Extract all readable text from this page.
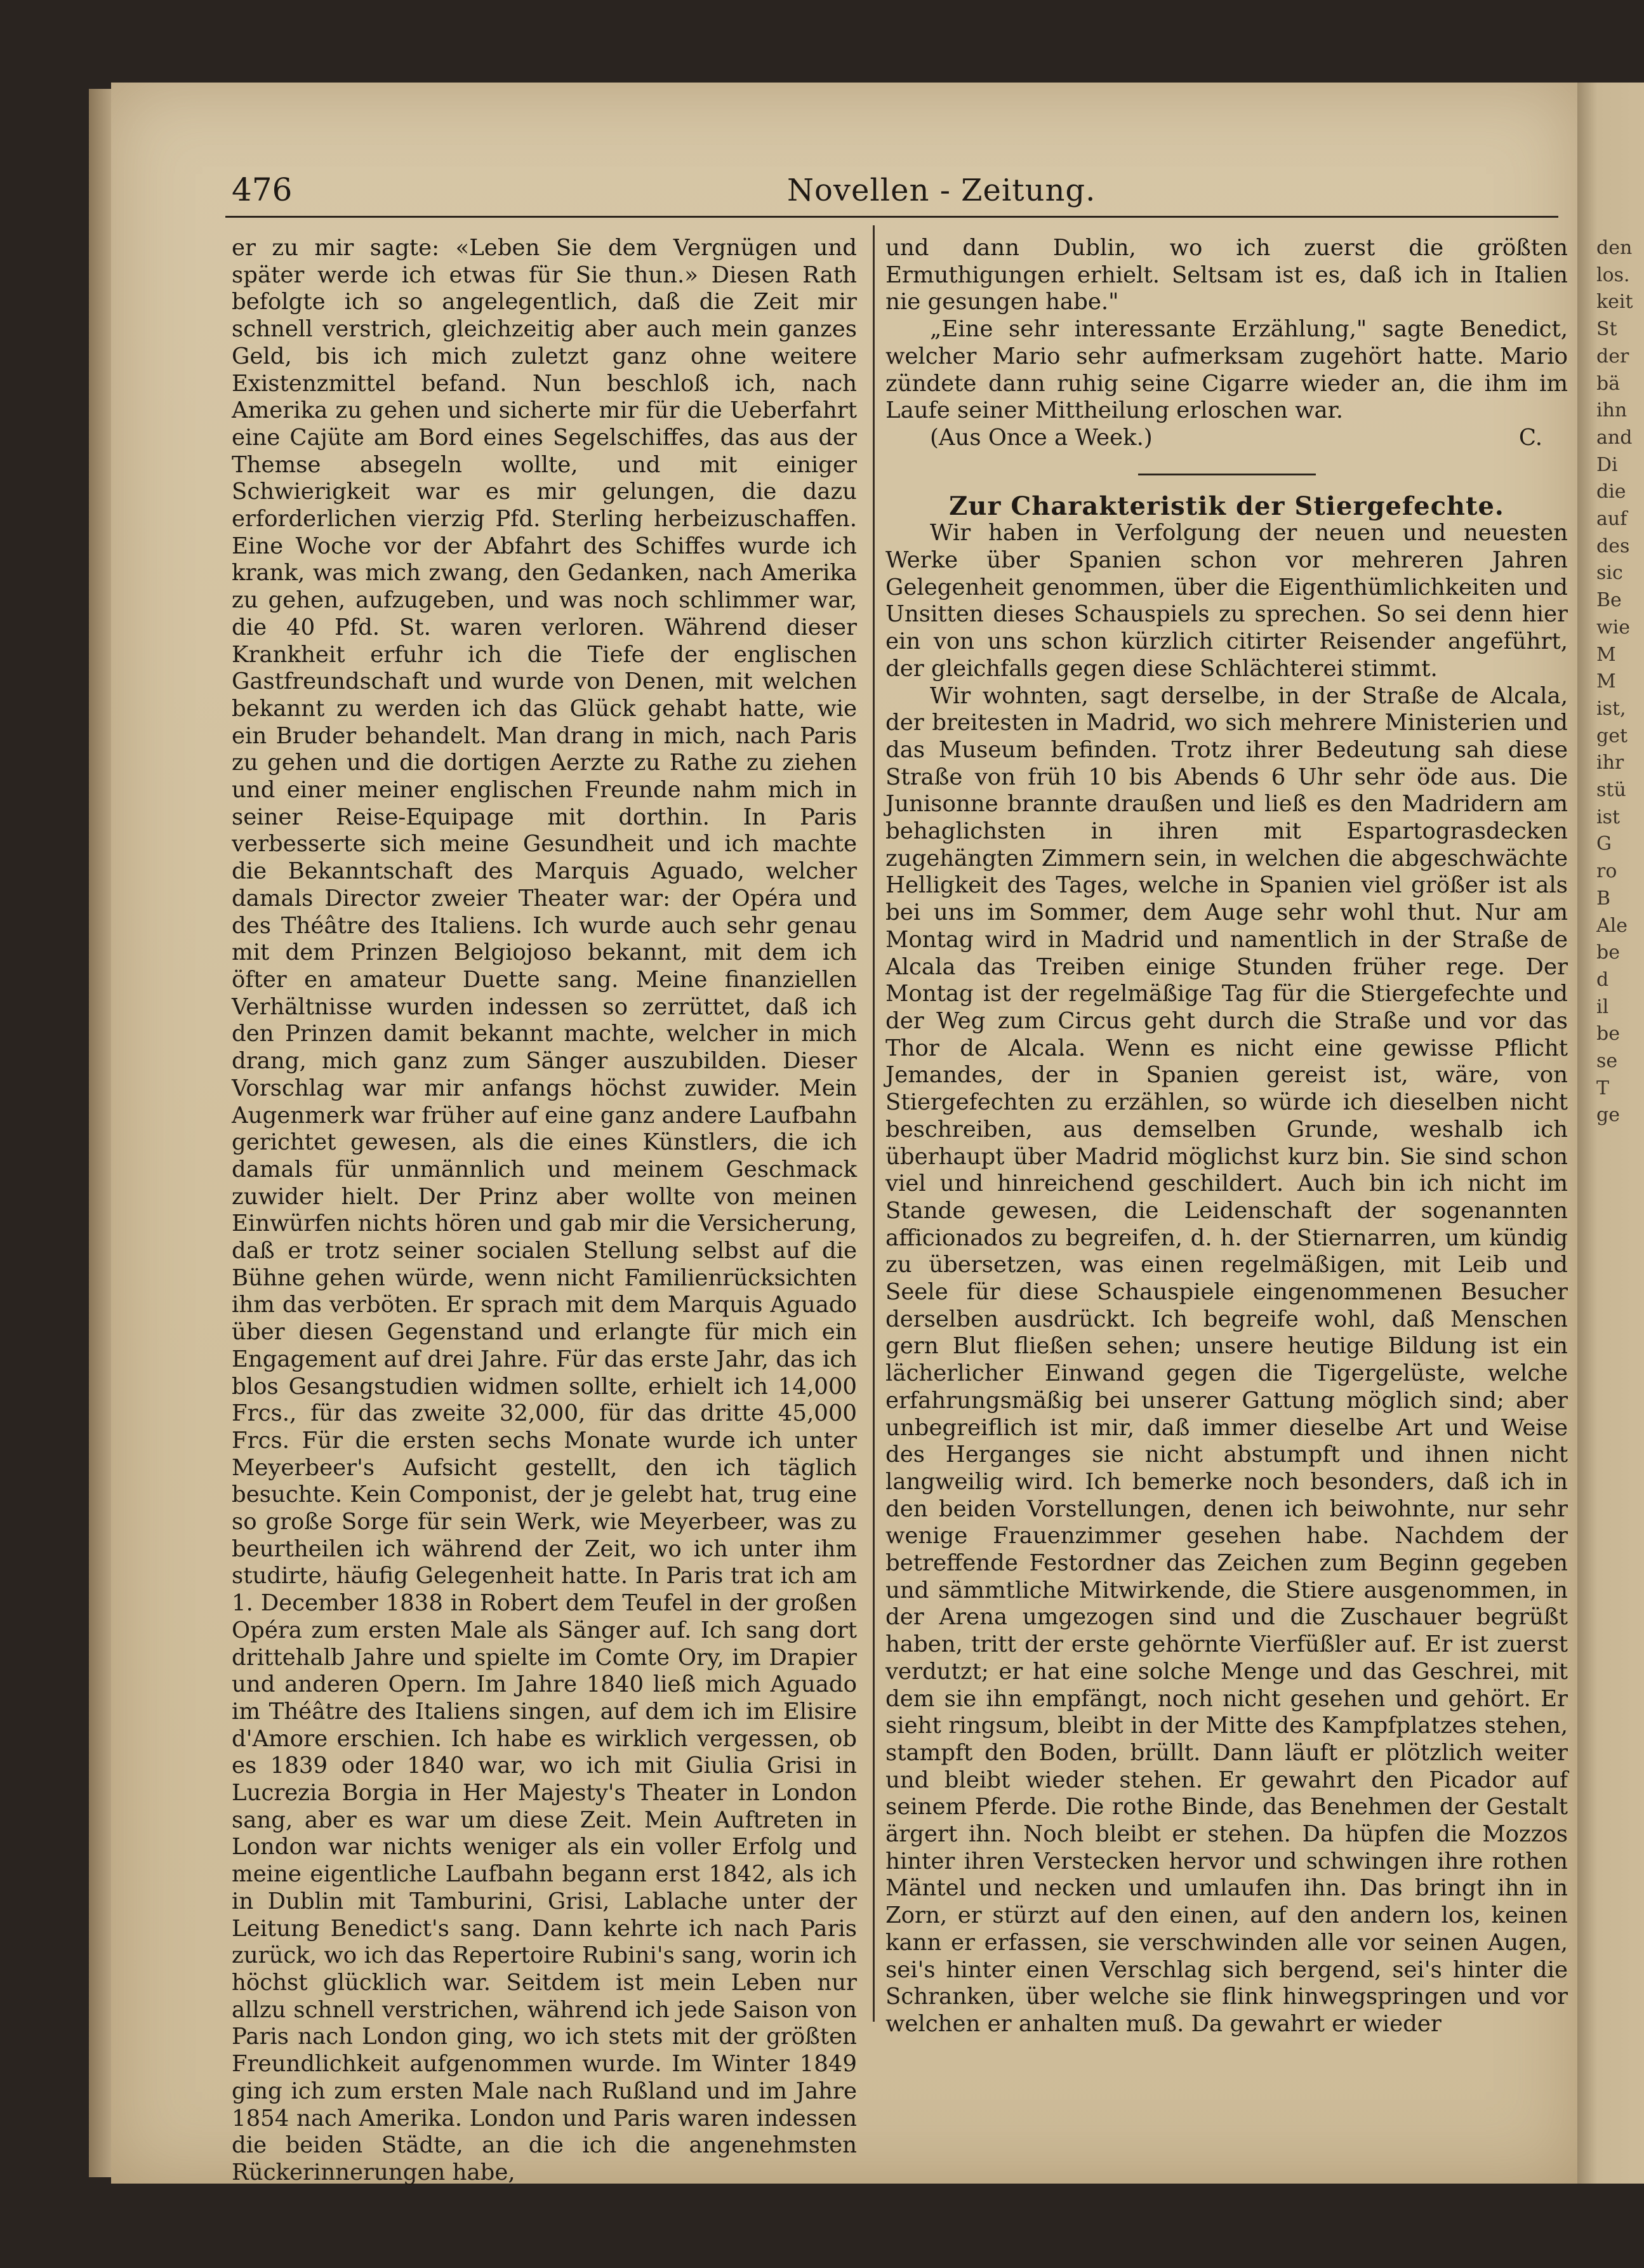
476	Novellen - Zeitung.

er zu mir sagte: «Leben Sie dem Vergnügen und später werde ich etwas für Sie thun.» Diesen Rath befolgte ich so angelegentlich, daß die Zeit mir schnell verstrich, gleichzeitig aber auch mein ganzes Geld, bis ich mich zuletzt ganz ohne weitere Existenzmittel befand. Nun beschloß ich, nach Amerika zu gehen und sicherte mir für die Ueberfahrt eine Cajüte am Bord eines Segelschiffes, das aus der Themse absegeln wollte, und mit einiger Schwierigkeit war es mir gelungen, die dazu erforderlichen vierzig Pfd. Sterling herbeizuschaffen. Eine Woche vor der Abfahrt des Schiffes wurde ich krank, was mich zwang, den Gedanken, nach Amerika zu gehen, aufzugeben, und was noch schlimmer war, die 40 Pfd. St. waren verloren. Während dieser Krankheit erfuhr ich die Tiefe der englischen Gastfreundschaft und wurde von Denen, mit welchen bekannt zu werden ich das Glück gehabt hatte, wie ein Bruder behandelt. Man drang in mich, nach Paris zu gehen und die dortigen Aerzte zu Rathe zu ziehen und einer meiner englischen Freunde nahm mich in seiner Reise-Equipage mit dorthin. In Paris verbesserte sich meine Gesundheit und ich machte die Bekanntschaft des Marquis Aguado, welcher damals Director zweier Theater war: der Opéra und des Théâtre des Italiens. Ich wurde auch sehr genau mit dem Prinzen Belgiojoso bekannt, mit dem ich öfter en amateur Duette sang. Meine finanziellen Verhältnisse wurden indessen so zerrüttet, daß ich den Prinzen damit bekannt machte, welcher in mich drang, mich ganz zum Sänger auszubilden. Dieser Vorschlag war mir anfangs höchst zuwider. Mein Augenmerk war früher auf eine ganz andere Laufbahn gerichtet gewesen, als die eines Künstlers, die ich damals für unmännlich und meinem Geschmack zuwider hielt. Der Prinz aber wollte von meinen Einwürfen nichts hören und gab mir die Versicherung, daß er trotz seiner socialen Stellung selbst auf die Bühne gehen würde, wenn nicht Familienrücksichten ihm das verböten. Er sprach mit dem Marquis Aguado über diesen Gegenstand und erlangte für mich ein Engagement auf drei Jahre. Für das erste Jahr, das ich blos Gesangstudien widmen sollte, erhielt ich 14,000 Frcs., für das zweite 32,000, für das dritte 45,000 Frcs. Für die ersten sechs Monate wurde ich unter Meyerbeer's Aufsicht gestellt, den ich täglich besuchte. Kein Componist, der je gelebt hat, trug eine so große Sorge für sein Werk, wie Meyerbeer, was zu beurtheilen ich während der Zeit, wo ich unter ihm studirte, häufig Gelegenheit hatte. In Paris trat ich am 1. December 1838 in Robert dem Teufel in der großen Opéra zum ersten Male als Sänger auf. Ich sang dort drittehalb Jahre und spielte im Comte Ory, im Drapier und anderen Opern. Im Jahre 1840 ließ mich Aguado im Théâtre des Italiens singen, auf dem ich im Elisire d'Amore erschien. Ich habe es wirklich vergessen, ob es 1839 oder 1840 war, wo ich mit Giulia Grisi in Lucrezia Borgia in Her Majesty's Theater in London sang, aber es war um diese Zeit. Mein Auftreten in London war nichts weniger als ein voller Erfolg und meine eigentliche Laufbahn begann erst 1842, als ich in Dublin mit Tamburini, Grisi, Lablache unter der Leitung Benedict's sang. Dann kehrte ich nach Paris zurück, wo ich das Repertoire Rubini's sang, worin ich höchst glücklich war. Seitdem ist mein Leben nur allzu schnell verstrichen, während ich jede Saison von Paris nach London ging, wo ich stets mit der größten Freundlichkeit aufgenommen wurde. Im Winter 1849 ging ich zum ersten Male nach Rußland und im Jahre 1854 nach Amerika. London und Paris waren indessen die beiden Städte, an die ich die angenehmsten Rückerinnerungen habe,

und dann Dublin, wo ich zuerst die größten Ermuthigungen erhielt. Seltsam ist es, daß ich in Italien nie gesungen habe."

„Eine sehr interessante Erzählung," sagte Benedict, welcher Mario sehr aufmerksam zugehört hatte. Mario zündete dann ruhig seine Cigarre wieder an, die ihm im Laufe seiner Mittheilung erloschen war.

(Aus Once a Week.)	C.

Zur Charakteristik der Stiergefechte.

Wir haben in Verfolgung der neuen und neuesten Werke über Spanien schon vor mehreren Jahren Gelegenheit genommen, über die Eigenthümlichkeiten und Unsitten dieses Schauspiels zu sprechen. So sei denn hier ein von uns schon kürzlich citirter Reisender angeführt, der gleichfalls gegen diese Schlächterei stimmt.

Wir wohnten, sagt derselbe, in der Straße de Alcala, der breitesten in Madrid, wo sich mehrere Ministerien und das Museum befinden. Trotz ihrer Bedeutung sah diese Straße von früh 10 bis Abends 6 Uhr sehr öde aus. Die Junisonne brannte draußen und ließ es den Madridern am behaglichsten in ihren mit Espartograsdecken zugehängten Zimmern sein, in welchen die abgeschwächte Helligkeit des Tages, welche in Spanien viel größer ist als bei uns im Sommer, dem Auge sehr wohl thut. Nur am Montag wird in Madrid und namentlich in der Straße de Alcala das Treiben einige Stunden früher rege. Der Montag ist der regelmäßige Tag für die Stiergefechte und der Weg zum Circus geht durch die Straße und vor das Thor de Alcala. Wenn es nicht eine gewisse Pflicht Jemandes, der in Spanien gereist ist, wäre, von Stiergefechten zu erzählen, so würde ich dieselben nicht beschreiben, aus demselben Grunde, weshalb ich überhaupt über Madrid möglichst kurz bin. Sie sind schon viel und hinreichend geschildert. Auch bin ich nicht im Stande gewesen, die Leidenschaft der sogenannten afficionados zu begreifen, d. h. der Stiernarren, um kündig zu übersetzen, was einen regelmäßigen, mit Leib und Seele für diese Schauspiele eingenommenen Besucher derselben ausdrückt. Ich begreife wohl, daß Menschen gern Blut fließen sehen; unsere heutige Bildung ist ein lächerlicher Einwand gegen die Tigergelüste, welche erfahrungsmäßig bei unserer Gattung möglich sind; aber unbegreiflich ist mir, daß immer dieselbe Art und Weise des Herganges sie nicht abstumpft und ihnen nicht langweilig wird. Ich bemerke noch besonders, daß ich in den beiden Vorstellungen, denen ich beiwohnte, nur sehr wenige Frauenzimmer gesehen habe. Nachdem der betreffende Festordner das Zeichen zum Beginn gegeben und sämmtliche Mitwirkende, die Stiere ausgenommen, in der Arena umgezogen sind und die Zuschauer begrüßt haben, tritt der erste gehörnte Vierfüßler auf. Er ist zuerst verdutzt; er hat eine solche Menge und das Geschrei, mit dem sie ihn empfängt, noch nicht gesehen und gehört. Er sieht ringsum, bleibt in der Mitte des Kampfplatzes stehen, stampft den Boden, brüllt. Dann läuft er plötzlich weiter und bleibt wieder stehen. Er gewahrt den Picador auf seinem Pferde. Die rothe Binde, das Benehmen der Gestalt ärgert ihn. Noch bleibt er stehen. Da hüpfen die Mozzos hinter ihren Verstecken hervor und schwingen ihre rothen Mäntel und necken und umlaufen ihn. Das bringt ihn in Zorn, er stürzt auf den einen, auf den andern los, keinen kann er erfassen, sie verschwinden alle vor seinen Augen, sei's hinter einen Verschlag sich bergend, sei's hinter die Schranken, über welche sie flink hinwegspringen und vor welchen er anhalten muß. Da gewahrt er wieder

den
los.
keit
St
der
bä
ihn
and
Di
die
auf
des
sic
Be
wie
M
M
ist,
get
ihr
stü
ist
G
ro
B
Ale
be
d
il
be
se
T
ge
